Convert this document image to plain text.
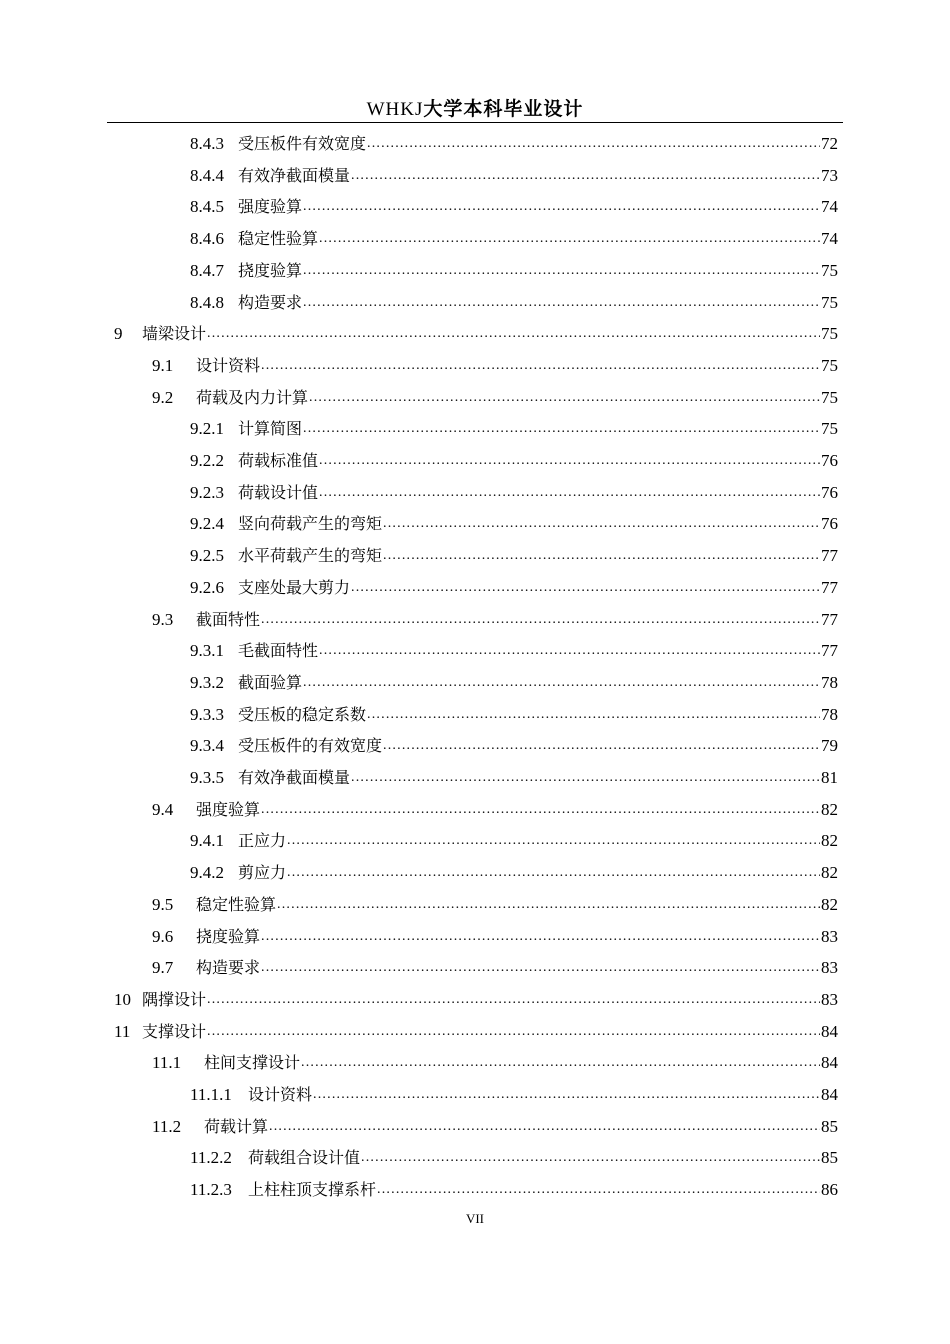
WHKJ大学本科毕业设计
8.4.3 受压板件有效宽度 .....	72
8.4.4 有效净截面模量 .....	73
8.4.5 强度验算 .....	74
8.4.6 稳定性验算 .....	74
8.4.7 挠度验算 .....	75
8.4.8 构造要求 .....	75
9	墙梁设计 .....	75
9.1	设计资料 .....	75
9.2	荷载及内力计算 .....	75
9.2.1 计算简图 .....	75
9.2.2 荷载标准值 .....	76
9.2.3 荷载设计值 .....	76
9.2.4 竖向荷载产生的弯矩 .....	76
9.2.5 水平荷载产生的弯矩 .....	77
9.2.6 支座处最大剪力 .....	77
9.3	截面特性 .....	77
9.3.1 毛截面特性 .....	77
9.3.2 截面验算 .....	78
9.3.3 受压板的稳定系数 .....	78
9.3.4 受压板件的有效宽度 .....	79
9.3.5 有效净截面模量 .....	81
9.4	强度验算 .....	82
9.4.1 正应力 .....	82
9.4.2 剪应力 .....	82
9.5	稳定性验算 .....	82
9.6	挠度验算 .....	83
9.7	构造要求 .....	83
10 隅撑设计 .....	83
11 支撑设计 .....	84
11.1	柱间支撑设计 .....	84
11.1.1	设计资料 .....	84
11.2	荷载计算 .....	85
11.2.2	荷载组合设计值 .....	85
11.2.3	上柱柱顶支撑系杆 .....	86
VII
